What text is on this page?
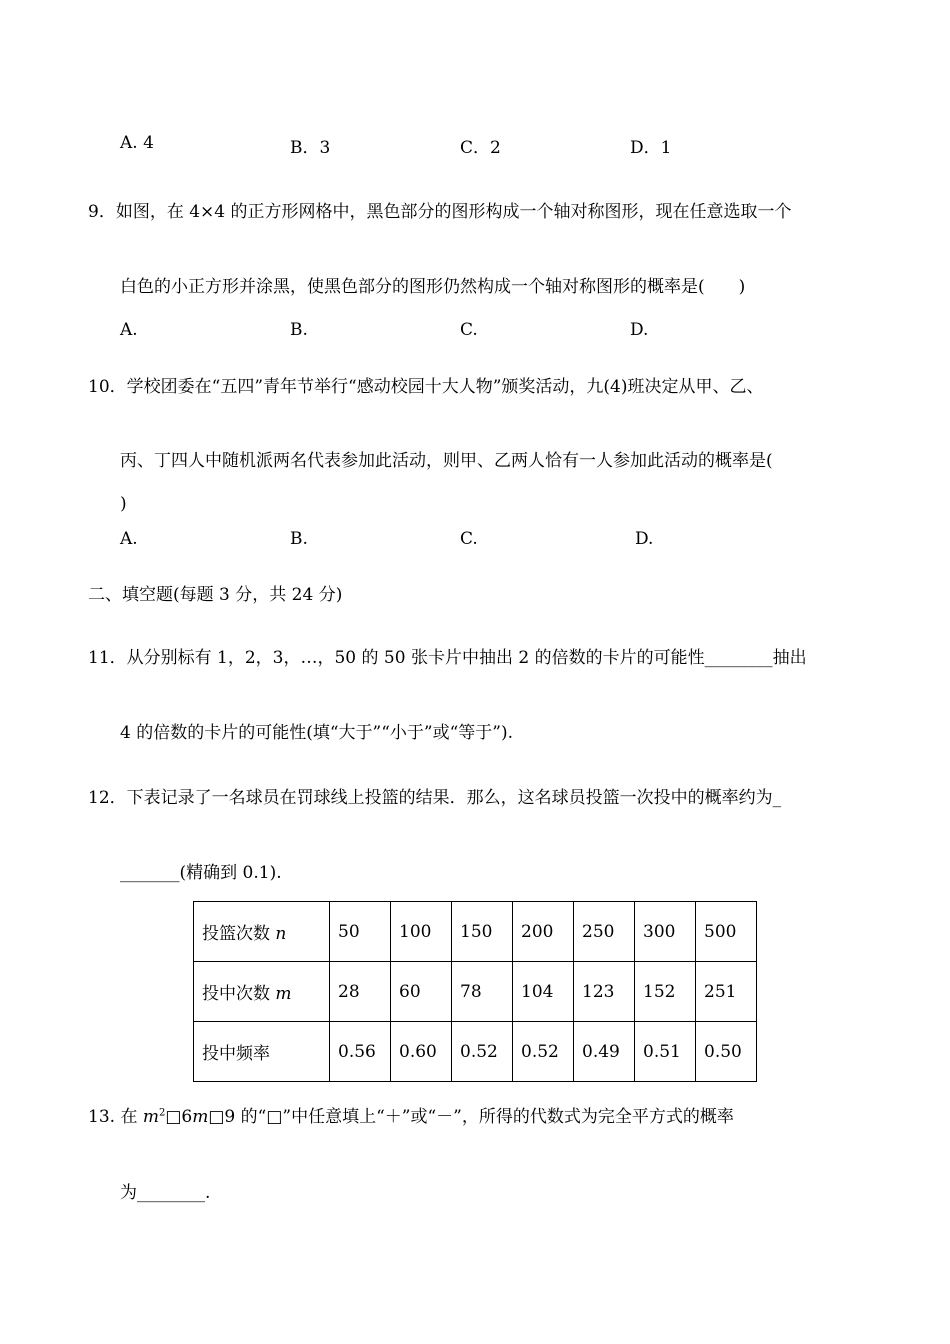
A. 4	B．3	C．2	D．1
9．如图，在 4×4 的正方形网格中，黑色部分的图形构成一个轴对称图形，现在任意选取一个
白色的小正方形并涂黑，使黑色部分的图形仍然构成一个轴对称图形的概率是(　　)
A.	B.	C.	D.
10．学校团委在“五四”青年节举行“感动校园十大人物”颁奖活动，九(4)班决定从甲、乙、
丙、丁四人中随机派两名代表参加此活动，则甲、乙两人恰有一人参加此活动的概率是(
)
A.	B.	C.	D.
二、填空题(每题 3 分，共 24 分)
11．从分别标有 1，2，3，…，50 的 50 张卡片中抽出 2 的倍数的卡片的可能性________抽出
4 的倍数的卡片的可能性(填“大于”“小于”或“等于”).
12．下表记录了一名球员在罚球线上投篮的结果．那么，这名球员投篮一次投中的概率约为_
_______(精确到 0.1).
投篮次数 n	50	100	150	200	250	300	500
投中次数 m	28	60	78	104	123	152	251
投中频率	0.56	0.60	0.52	0.52	0.49	0.51	0.50
13. 在 $m^2□6m□9$ 的“□”中任意填上“＋”或“－”，所得的代数式为完全平方式的概率
为________.
